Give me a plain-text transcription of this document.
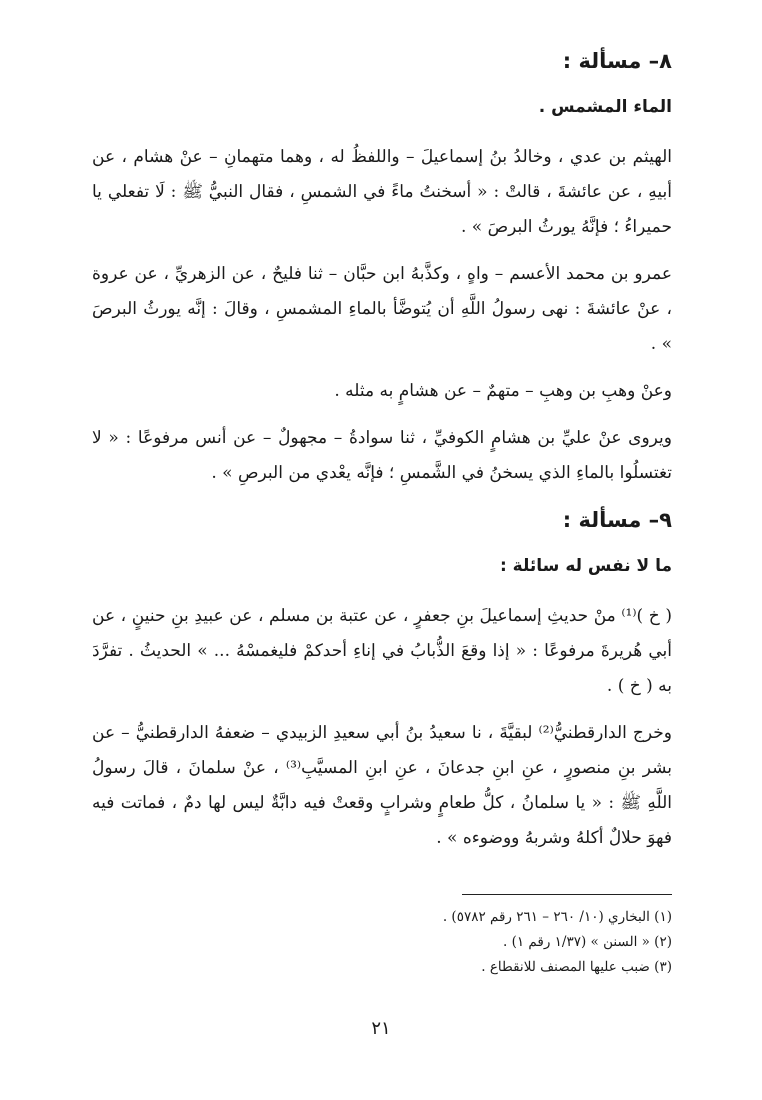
٨– مسألة :
الماء المشمس .

الهيثم بن عدي ، وخالدُ بنُ إسماعيلَ – واللفظُ له ، وهما متهمانِ – عنْ هشام ، عن أبيهِ ، عن عائشةَ ، قالتْ : « أسخنتُ ماءً في الشمسِ ، فقال النبيُّ ﷺ : لَا تفعلي يا حميراءُ ؛ فإنَّهُ يورثُ البرصَ » .

عمرو بن محمد الأعسم – واهٍ ، وكذَّبهُ ابن حبَّان – ثنا فليحٌ ، عن الزهريِّ ، عن عروة ، عنْ عائشةَ : نهى رسولُ اللَّهِ أن يُتوضَّأ بالماءِ المشمسِ ، وقالَ : إنَّه يورثُ البرصَ » .

وعنْ وهبِ بن وهبِ – متهمٌ – عن هشامٍ به مثله .

ويروى عنْ عليِّ بن هشامٍ الكوفيِّ ، ثنا سوادةُ – مجهولٌ – عن أنس مرفوعًا : « لا تغتسلُوا بالماءِ الذي يسخنُ في الشَّمسِ ؛ فإنَّه يعْدي من البرصِ » .

٩– مسألة :
ما لا نفس له سائلة :

( خ )⁽¹⁾ منْ حديثِ إسماعيلَ بنِ جعفرٍ ، عن عتبة بن مسلم ، عن عبيدِ بنِ حنينٍ ، عن أبي هُريرةَ مرفوعًا : « إذا وقعَ الذُّبابُ في إناءِ أحدكمْ فليغمسْهُ ... » الحديثُ . تفرَّدَ به ( خ ) .

وخرج الدارقطنيُّ⁽²⁾ لبقيَّةَ ، نا سعيدُ بنُ أبي سعيدِ الزبيدي – ضعفهُ الدارقطنيُّ – عن بشر بنِ منصورٍ ، عنِ ابنِ جدعانَ ، عنِ ابنِ المسيَّبِ⁽³⁾ ، عنْ سلمانَ ، قالَ رسولُ اللَّهِ ﷺ : « يا سلمانُ ، كلُّ طعامٍ وشرابٍ وقعتْ فيه دابَّةٌ ليس لها دمٌ ، فماتت فيه فهوَ حلالٌ أكلهُ وشربهُ ووضوءه » .

(١) البخاري (١٠/ ٢٦٠ – ٢٦١ رقم ٥٧٨٢) .

(٢) « السنن » (١/٣٧ رقم ١) .

(٣) ضبب عليها المصنف للانقطاع .

٢١
